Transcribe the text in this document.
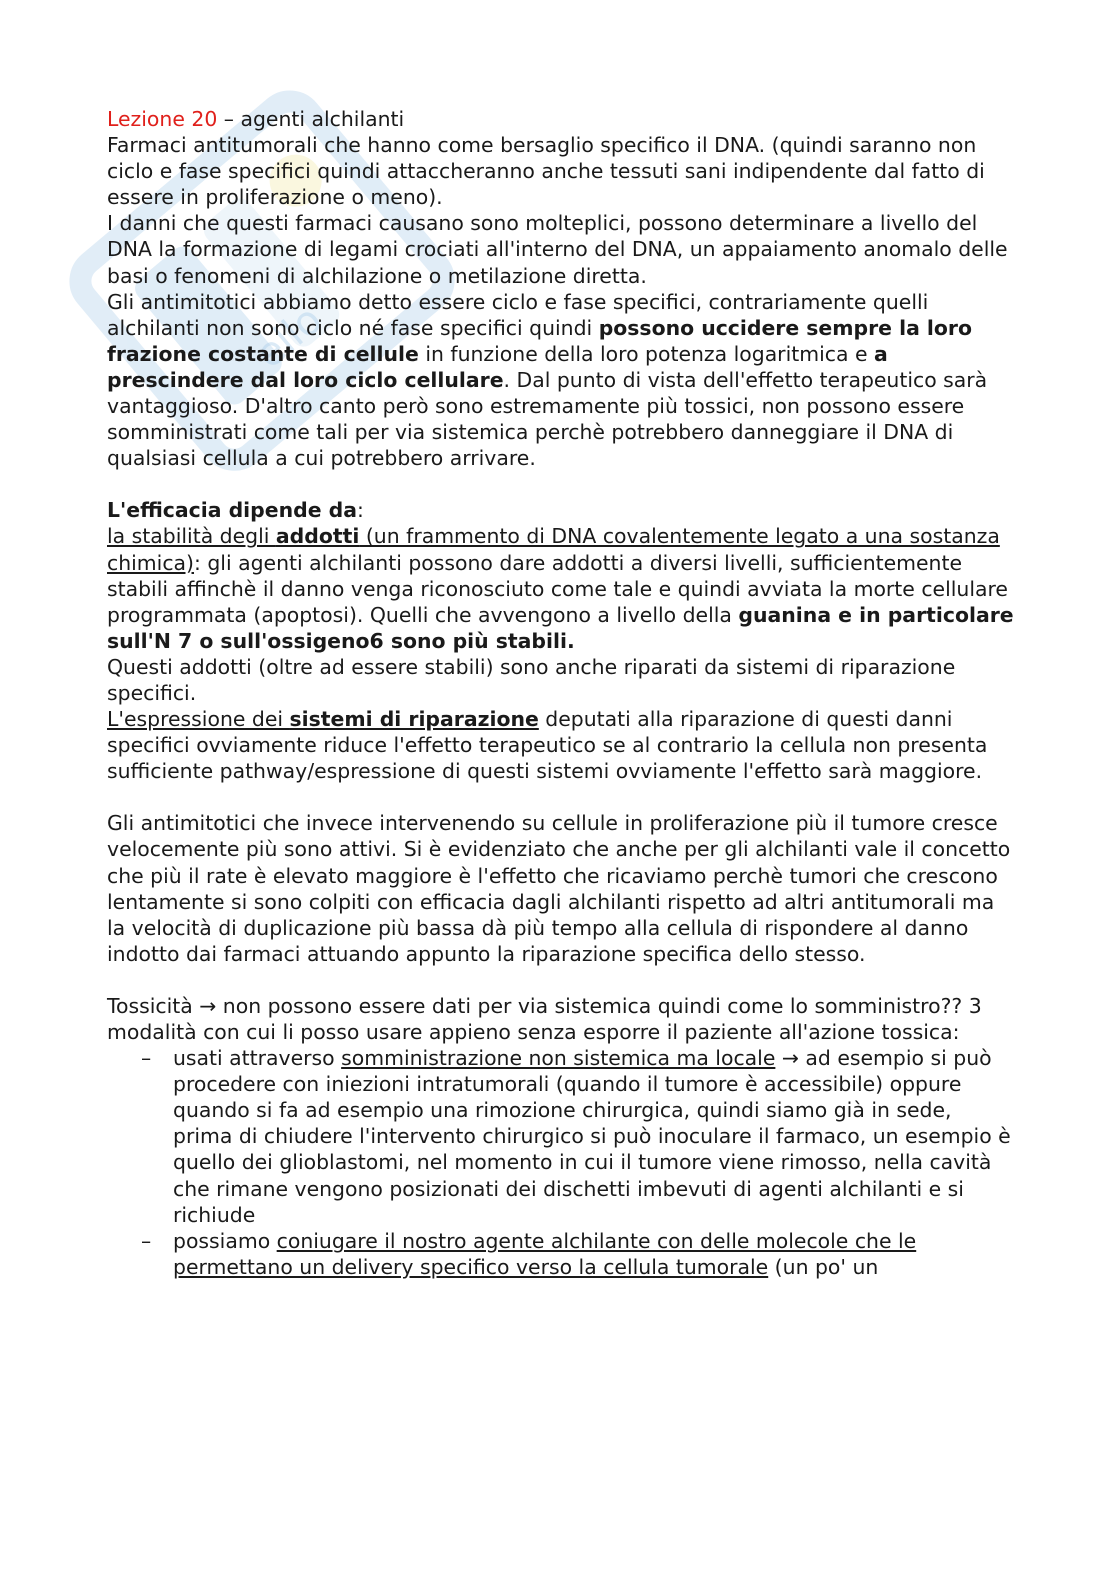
ello

Lezione 20 – agenti alchilanti

Farmaci antitumorali che hanno come bersaglio specifico il DNA. (quindi saranno non ciclo e fase specifici quindi attaccheranno anche tessuti sani indipendente dal fatto di essere in proliferazione o meno).

I danni che questi farmaci causano sono molteplici, possono determinare a livello del DNA la formazione di legami crociati all'interno del DNA, un appaiamento anomalo delle basi o fenomeni di alchilazione o metilazione diretta.

Gli antimitotici abbiamo detto essere ciclo e fase specifici, contrariamente quelli alchilanti non sono ciclo né fase specifici quindi possono uccidere sempre la loro frazione costante di cellule in funzione della loro potenza logaritmica e a prescindere dal loro ciclo cellulare. Dal punto di vista dell'effetto terapeutico sarà vantaggioso. D'altro canto però sono estremamente più tossici, non possono essere somministrati come tali per via sistemica perchè potrebbero danneggiare il DNA di qualsiasi cellula a cui potrebbero arrivare.

L'efficacia dipende da:

la stabilità degli addotti (un frammento di DNA covalentemente legato a una sostanza chimica): gli agenti alchilanti possono dare addotti a diversi livelli, sufficientemente stabili affinchè il danno venga riconosciuto come tale e quindi avviata la morte cellulare programmata (apoptosi). Quelli che avvengono a livello della guanina e in particolare sull'N 7 o sull'ossigeno6 sono più stabili.

Questi addotti (oltre ad essere stabili) sono anche riparati da sistemi di riparazione specifici.

L'espressione dei sistemi di riparazione deputati alla riparazione di questi danni specifici ovviamente riduce l'effetto terapeutico se al contrario la cellula non presenta sufficiente pathway/espressione di questi sistemi ovviamente l'effetto sarà maggiore.

Gli antimitotici che invece intervenendo su cellule in proliferazione più il tumore cresce velocemente più sono attivi. Si è evidenziato che anche per gli alchilanti vale il concetto che più il rate è elevato maggiore è l'effetto che ricaviamo perchè tumori che crescono lentamente si sono colpiti con efficacia dagli alchilanti rispetto ad altri antitumorali ma la velocità di duplicazione più bassa dà più tempo alla cellula di rispondere al danno indotto dai farmaci attuando appunto la riparazione specifica dello stesso.

Tossicità → non possono essere dati per via sistemica quindi come lo somministro?? 3 modalità con cui li posso usare appieno senza esporre il paziente all'azione tossica:

– usati attraverso somministrazione non sistemica ma locale → ad esempio si può procedere con iniezioni intratumorali (quando il tumore è accessibile) oppure quando si fa ad esempio una rimozione chirurgica, quindi siamo già in sede, prima di chiudere l'intervento chirurgico si può inoculare il farmaco, un esempio è quello dei glioblastomi, nel momento in cui il tumore viene rimosso, nella cavità che rimane vengono posizionati dei dischetti imbevuti di agenti alchilanti e si richiude
– possiamo coniugare il nostro agente alchilante con delle molecole che le permettano un delivery specifico verso la cellula tumorale (un po' un
